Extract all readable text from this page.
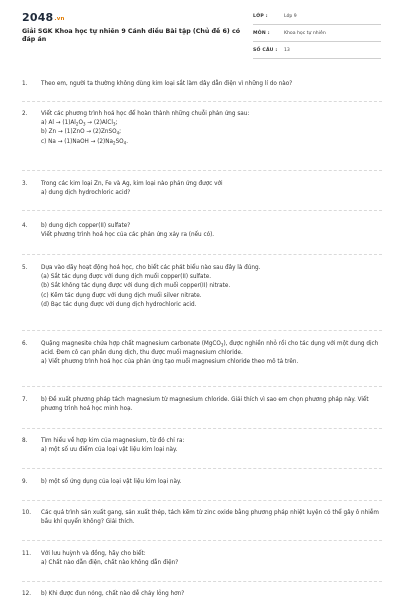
2048.vn
Giải SGK Khoa học tự nhiên 9 Cánh diều Bài tập (Chủ đề 6) có đáp án
LỚP :	Lớp 9
MÔN :	Khoa học tự nhiên
SỐ CÂU : 13
1.	Theo em, người ta thường không dùng kim loại sắt làm dây dẫn điện vì những lí do nào?
2.	Viết các phương trình hoá học để hoàn thành những chuỗi phản ứng sau:
a) $Al \to (1)Al_2O_3$ → (2)AlCl$_3$;
b) Zn → (1)ZnO → (2)ZnSO$_4$;
c) Na → (1)NaOH → $(2)Na_2SO_4$.
3.	Trong các kim loại Zn, Fe và Ag, kim loại nào phản ứng được với
a) dung dịch hydrochloric acid?
4.	b) dung dịch copper(II) sulfate?
Viết phương trình hoá học của các phản ứng xảy ra (nếu có).
5.	Dựa vào dãy hoạt động hoá học, cho biết các phát biểu nào sau đây là đúng.
(a) Sắt tác dụng được với dung dịch muối copper(II) sulfate.
(b) Sắt không tác dụng được với dung dịch muối copper(II) nitrate.
(c) Kẽm tác dụng được với dung dịch muối silver nitrate.
(d) Bạc tác dụng được với dung dịch hydrochloric acid.
6.	Quặng magnesite chứa hợp chất magnesium carbonate (MgCO$_3$), được nghiền nhỏ rồi cho tác dụng với một dung dịch acid. Đem cô cạn phần dung dịch, thu được muối magnesium chloride.
a) Viết phương trình hoá học của phản ứng tạo muối magnesium chloride theo mô tả trên.
7.	b) Đề xuất phương pháp tách magnesium từ magnesium chloride. Giải thích vì sao em chọn phương pháp này. Viết phương trình hoá học minh hoạ.
8.	Tìm hiểu về hợp kim của magnesium, từ đó chỉ ra:
a) một số ưu điểm của loại vật liệu kim loại này.
9.	b) một số ứng dụng của loại vật liệu kim loại này.
10.	Các quá trình sản xuất gang, sản xuất thép, tách kẽm từ zinc oxide bằng phương pháp nhiệt luyện có thể gây ô nhiễm bầu khí quyển không? Giải thích.
11.	Với lưu huỳnh và đồng, hãy cho biết:
a) Chất nào dẫn điện, chất nào không dẫn điện?
12.	b) Khi được đun nóng, chất nào dễ chảy lỏng hơn?
